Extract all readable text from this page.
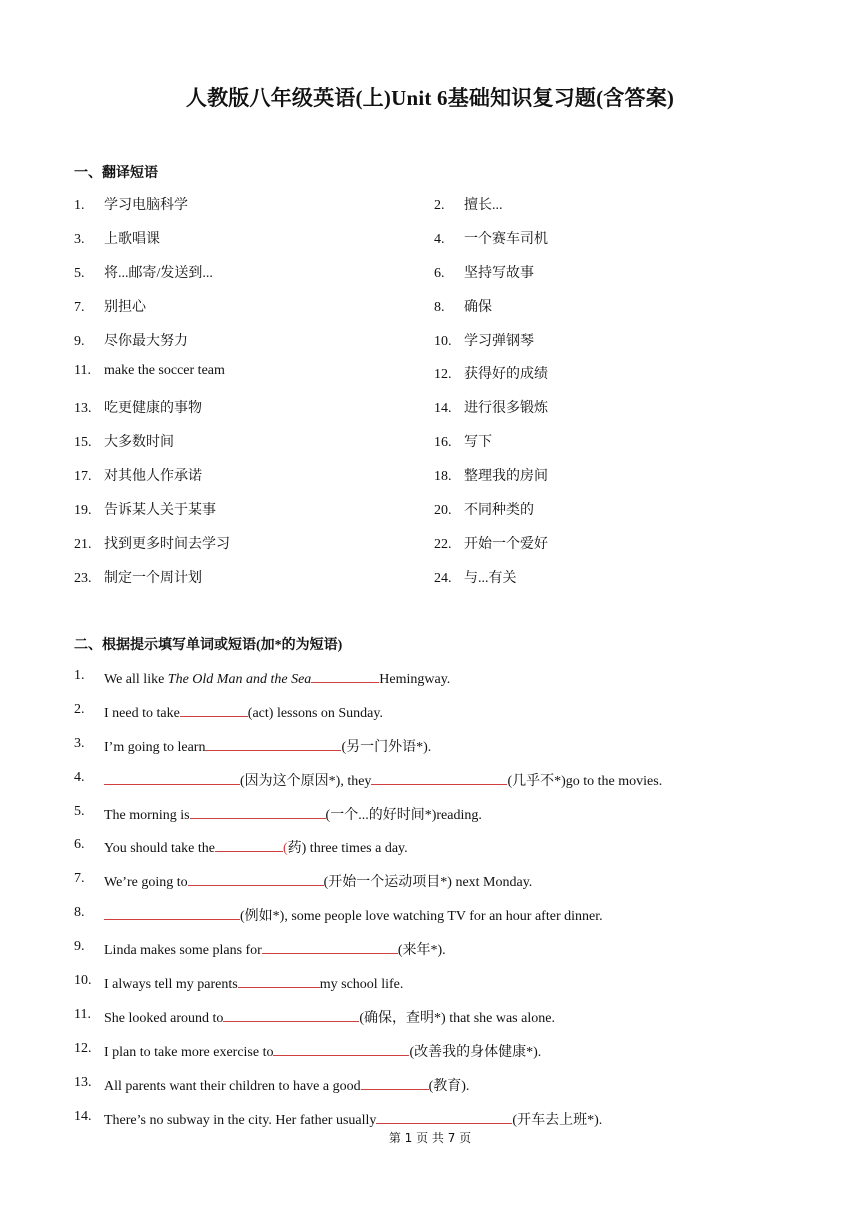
人教版八年级英语(上)Unit 6基础知识复习题(含答案)
一、翻译短语
1. 学习电脑科学	2. 擅长...
3. 上歌唱课	4. 一个赛车司机
5. 将...邮寄/发送到...	6. 坚持写故事
7. 别担心	8. 确保
9. 尽你最大努力	10. 学习弹钢琴
11. make the soccer team	12. 获得好的成绩
13. 吃更健康的事物	14. 进行很多锻炼
15. 大多数时间	16. 写下
17. 对其他人作承诺	18. 整理我的房间
19. 告诉某人关于某事	20. 不同种类的
21. 找到更多时间去学习	22. 开始一个爱好
23. 制定一个周计划	24. 与...有关
二、根据提示填写单词或短语(加*的为短语)
1.	We all like The Old Man and the Sea	Hemingway.
2.	I need to take	(act) lessons on Sunday.
3.	I’m going to learn	(另一门外语*).
4.	(因为这个原因*), they	(几乎不*)go to the movies.
5.	The morning is	(一个...的好时间*)reading.
6.	You should take the	(药) three times a day.
7.	We’re going to	(开始一个运动项目*) next Monday.
8.	(例如*), some people love watching TV for an hour after dinner.
9.	Linda makes some plans for	(来年*).
10. I always tell my parents	my school life.
11. She looked around to	(确保，查明*) that she was alone.
12. I plan to take more exercise to	(改善我的身体健康*).
13. All parents want their children to have a good	(教育).
14. There’s no subway in the city. Her father usually	(开车去上班*).
第 1 页 共 7 页
